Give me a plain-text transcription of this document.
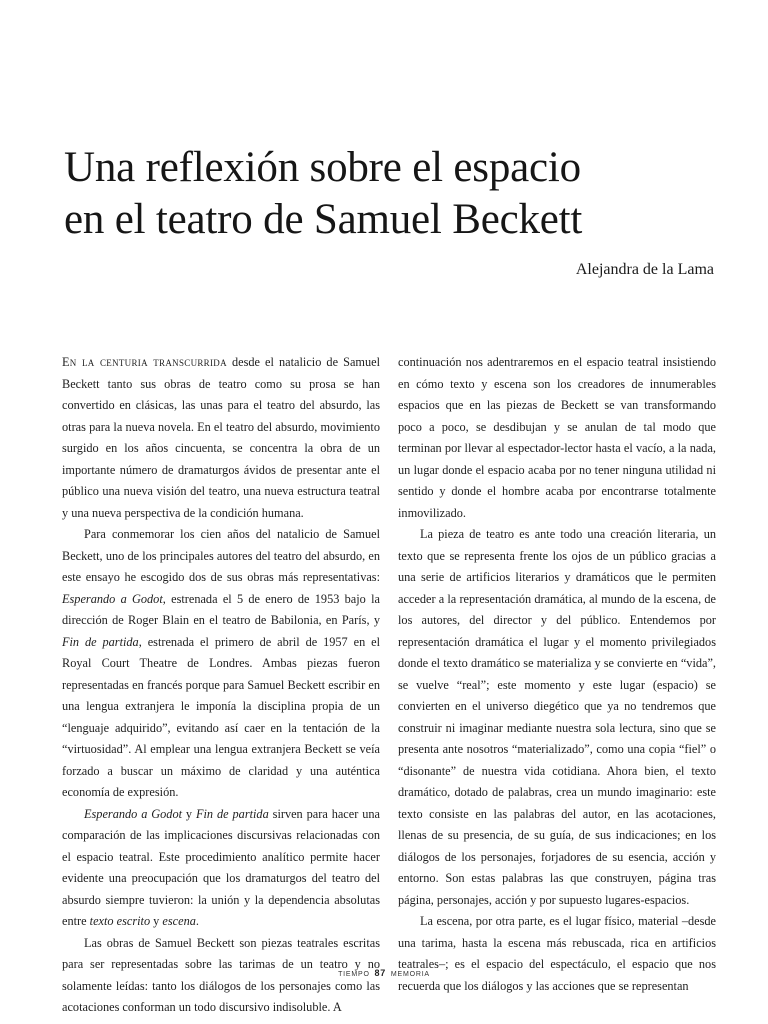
Una reflexión sobre el espacio
en el teatro de Samuel Beckett
Alejandra de la Lama

En la centuria transcurrida desde el natalicio de Samuel Beckett tanto sus obras de teatro como su prosa se han convertido en clásicas, las unas para el teatro del absurdo, las otras para la nueva novela. En el teatro del absurdo, movimiento surgido en los años cincuenta, se concentra la obra de un importante número de dramaturgos ávidos de presentar ante el público una nueva visión del teatro, una nueva estructura teatral y una nueva perspectiva de la condición humana.

Para conmemorar los cien años del natalicio de Samuel Beckett, uno de los principales autores del teatro del absurdo, en este ensayo he escogido dos de sus obras más representativas: Esperando a Godot, estrenada el 5 de enero de 1953 bajo la dirección de Roger Blain en el teatro de Babilonia, en París, y Fin de partida, estrenada el primero de abril de 1957 en el Royal Court Theatre de Londres. Ambas piezas fueron representadas en francés porque para Samuel Beckett escribir en una lengua extranjera le imponía la disciplina propia de un “lenguaje adquirido”, evitando así caer en la tentación de la “virtuosidad”. Al emplear una lengua extranjera Beckett se veía forzado a buscar un máximo de claridad y una auténtica economía de expresión.

Esperando a Godot y Fin de partida sirven para hacer una comparación de las implicaciones discursivas relacionadas con el espacio teatral. Este procedimiento analítico permite hacer evidente una preocupación que los dramaturgos del teatro del absurdo siempre tuvieron: la unión y la dependencia absolutas entre texto escrito y escena.

Las obras de Samuel Beckett son piezas teatrales escritas para ser representadas sobre las tarimas de un teatro y no solamente leídas: tanto los diálogos de los personajes como las acotaciones conforman un todo discursivo indisoluble. A

continuación nos adentraremos en el espacio teatral insistiendo en cómo texto y escena son los creadores de innumerables espacios que en las piezas de Beckett se van transformando poco a poco, se desdibujan y se anulan de tal modo que terminan por llevar al espectador-lector hasta el vacío, a la nada, un lugar donde el espacio acaba por no tener ninguna utilidad ni sentido y donde el hombre acaba por encontrarse totalmente inmovilizado.

La pieza de teatro es ante todo una creación literaria, un texto que se representa frente los ojos de un público gracias a una serie de artificios literarios y dramáticos que le permiten acceder a la representación dramática, al mundo de la escena, de los autores, del director y del público. Entendemos por representación dramática el lugar y el momento privilegiados donde el texto dramático se materializa y se convierte en “vida”, se vuelve “real”; este momento y este lugar (espacio) se convierten en el universo diegético que ya no tendremos que construir ni imaginar mediante nuestra sola lectura, sino que se presenta ante nosotros “materializado”, como una copia “fiel” o “disonante” de nuestra vida cotidiana. Ahora bien, el texto dramático, dotado de palabras, crea un mundo imaginario: este texto consiste en las palabras del autor, en las acotaciones, llenas de su presencia, de su guía, de sus indicaciones; en los diálogos de los personajes, forjadores de su esencia, acción y entorno. Son estas palabras las que construyen, página tras página, personajes, acción y por supuesto lugares-espacios.

La escena, por otra parte, es el lugar físico, material –desde una tarima, hasta la escena más rebuscada, rica en artificios teatrales–; es el espacio del espectáculo, el espacio que nos recuerda que los diálogos y las acciones que se representan

TIEMPO 87 MEMORIA
